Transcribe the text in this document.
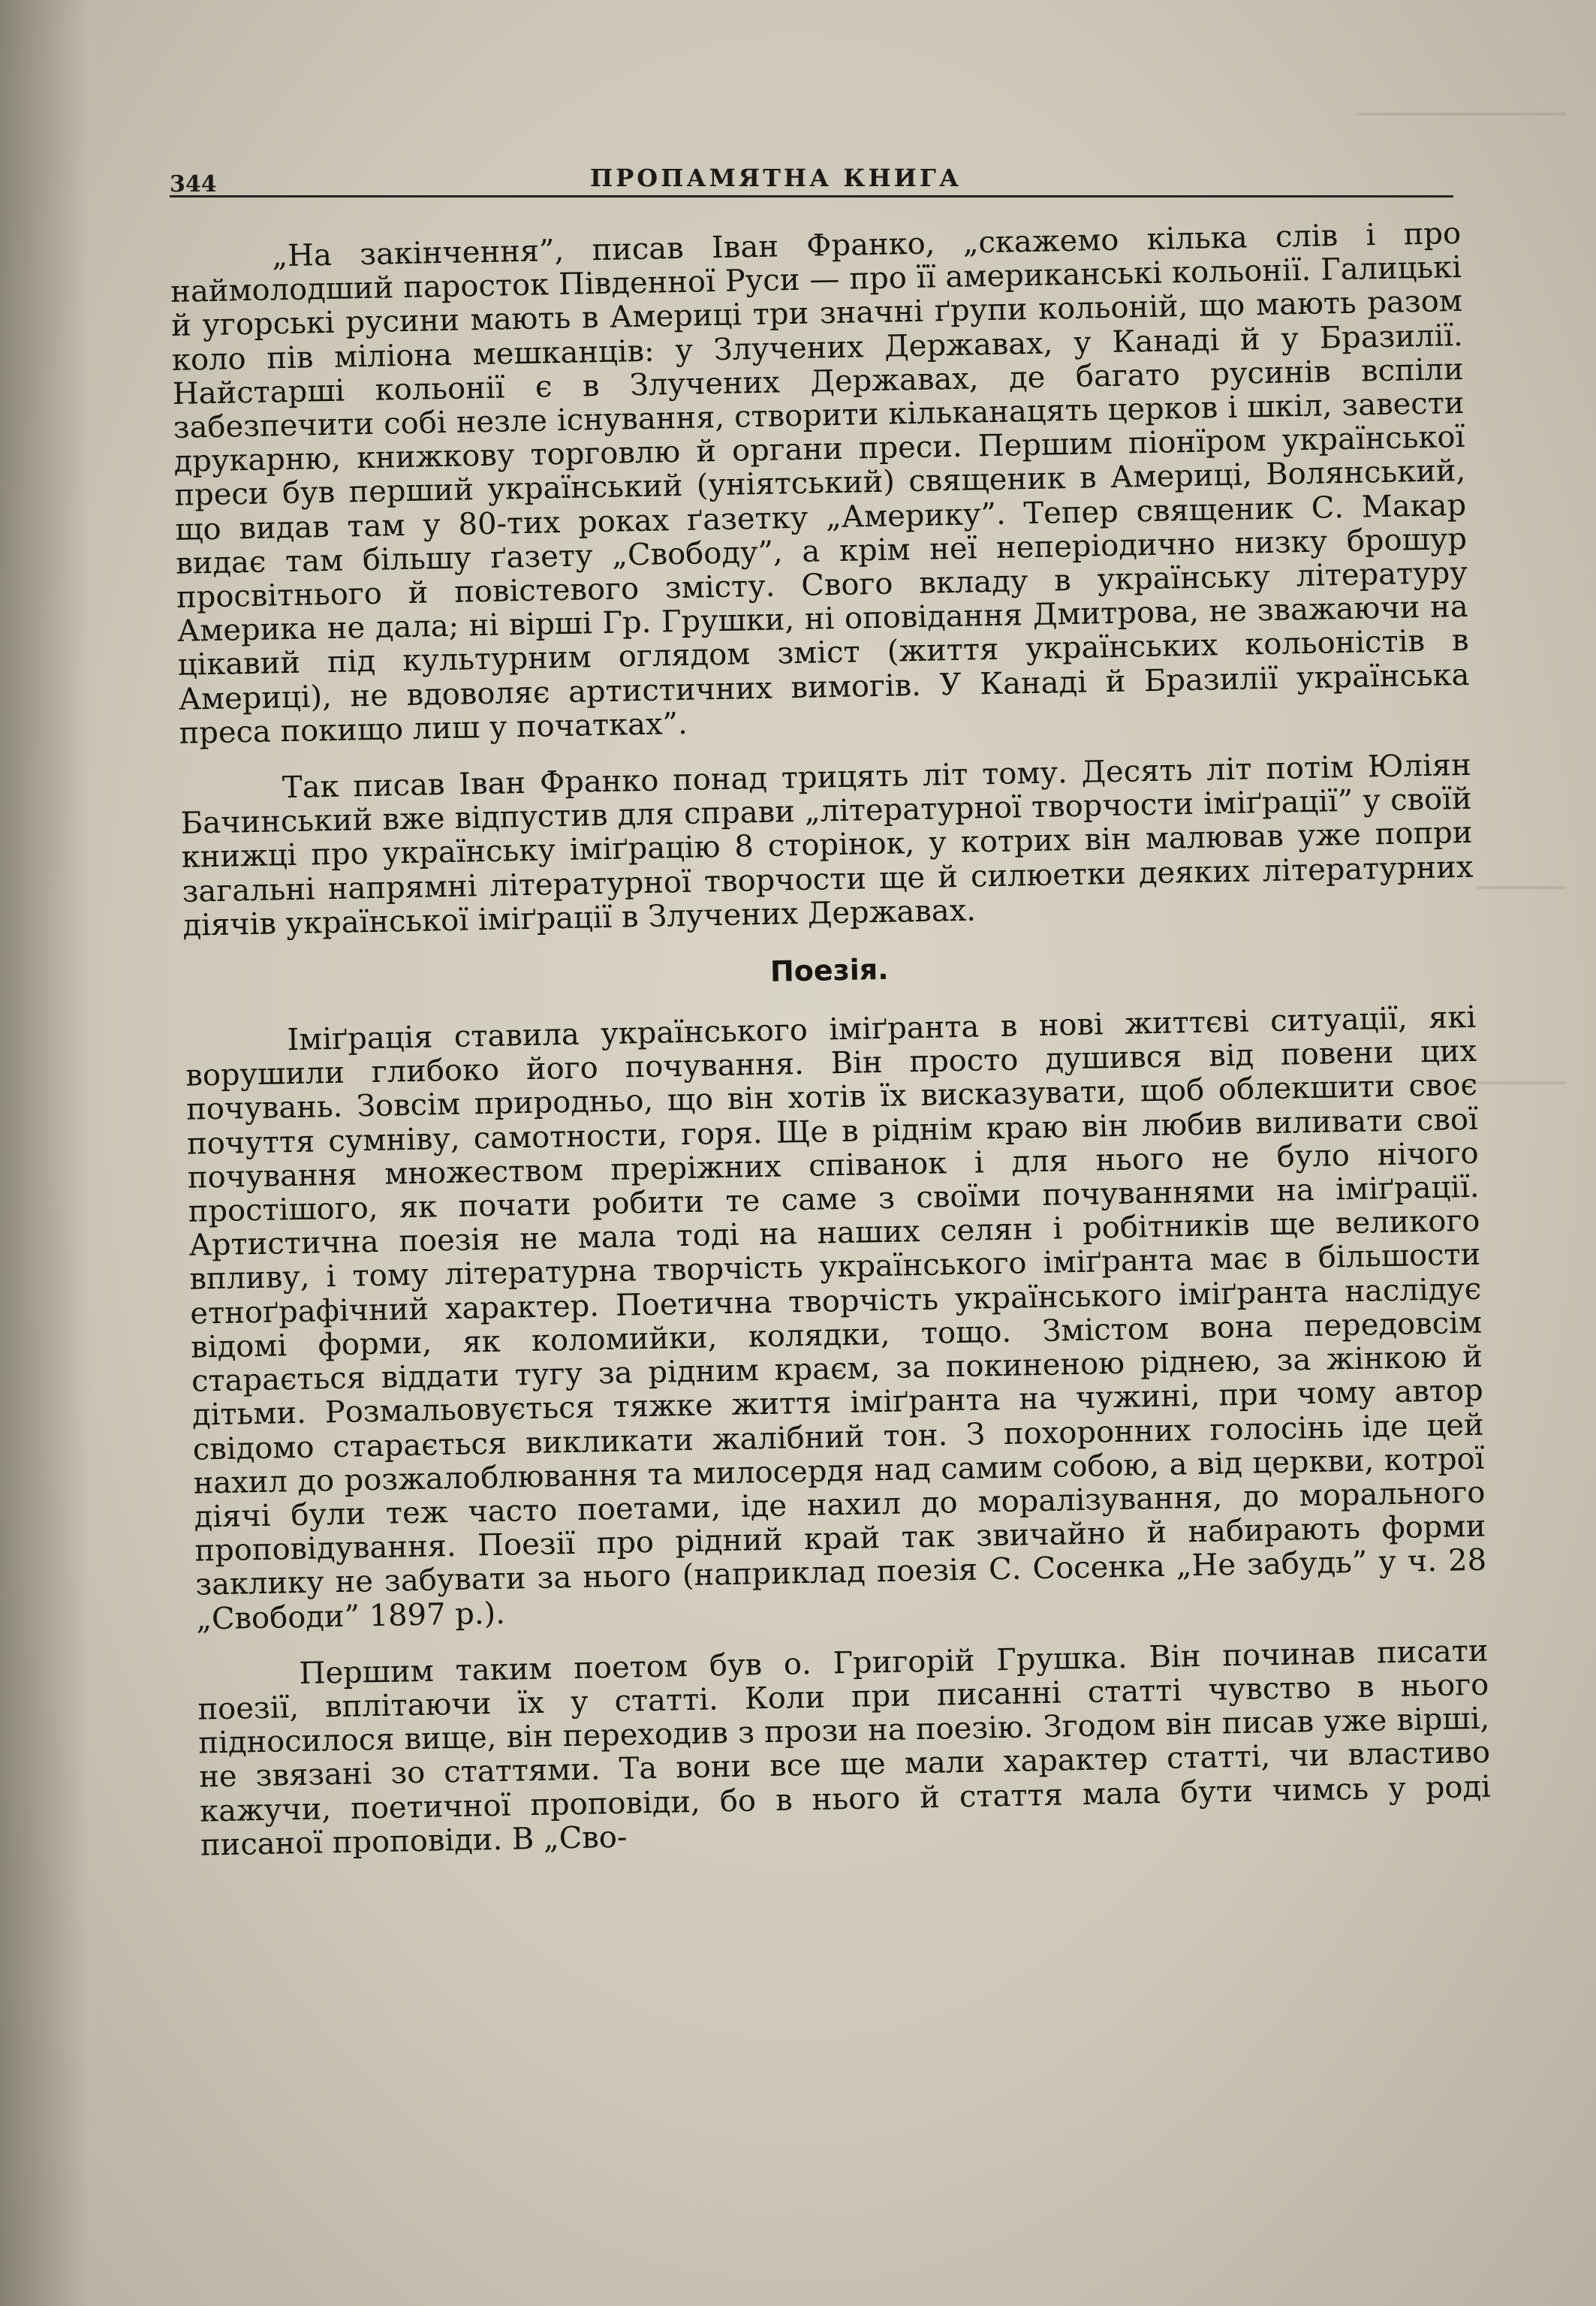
344	ПРОПАМЯТНА КНИГА

„На закінчення”, писав Іван Франко, „скажемо кілька слів і про наймолодший паросток Південної Руси — про її американські кольонії. Галицькі й угорські русини мають в Америці три значні ґрупи кольоній, що мають разом коло пів міліона мешканців: у Злучених Державах, у Канаді й у Бразилії. Найстарші кольонії є в Злучених Державах, де багато русинів вспіли забезпечити собі незле існування, створити кільканацять церков і шкіл, завести друкарню, книжкову торговлю й органи преси. Першим піонїром української преси був перший український (уніятський) священик в Америці, Волянський, що видав там у 80-тих роках ґазетку „Америку”. Тепер священик С. Макар видає там більшу ґазету „Свободу”, а крім неї неперіодично низку брошур просвітнього й повістевого змісту. Свого вкладу в українську літературу Америка не дала; ні вірші Гр. Грушки, ні оповідання Дмитрова, не зважаючи на цікавий під культурним оглядом зміст (життя українських кольоністів в Америці), не вдоволяє артистичних вимогів. У Канаді й Бразилії українська преса покищо лиш у початках”.

Так писав Іван Франко понад трицять літ тому. Десять літ потім Юліян Бачинський вже відпустив для справи „літературної творчости іміґрації” у своїй книжці про українську іміґрацію 8 сторінок, у котрих він малював уже попри загальні напрямні літературної творчости ще й силюетки деяких літературних діячів української іміґрації в Злучених Державах.

Поезія.

Іміґрація ставила українського іміґранта в нові життєві ситуації, які ворушили глибоко його почування. Він просто душився від повени цих почувань. Зовсім природньо, що він хотів їх висказувати, щоб облекшити своє почуття сумніву, самотности, горя. Ще в ріднім краю він любив виливати свої почування множеством преріжних співанок і для нього не було нічого простішого, як почати робити те саме з своїми почуваннями на іміґрації. Артистична поезія не мала тоді на наших селян і робітників ще великого впливу, і тому літературна творчість українського іміґранта має в більшости етноґрафічний характер. Поетична творчість українського іміґранта наслідує відомі форми, як коломийки, колядки, тощо. Змістом вона передовсім старається віддати тугу за рідним краєм, за покиненою ріднею, за жінкою й дітьми. Розмальовується тяжке життя іміґранта на чужині, при чому автор свідомо старається викликати жалібний тон. З похоронних голосінь іде цей нахил до розжалоблювання та милосердя над самим собою, а від церкви, котрої діячі були теж часто поетами, іде нахил до моралізування, до морального проповідування. Поезії про рідний край так звичайно й набирають форми заклику не забувати за нього (наприклад поезія С. Сосенка „Не забудь” у ч. 28 „Свободи” 1897 р.).

Першим таким поетом був о. Григорій Грушка. Він починав писати поезії, вплітаючи їх у статті. Коли при писанні статті чувство в нього підносилося вище, він переходив з прози на поезію. Згодом він писав уже вірші, не звязані зо статтями. Та вони все ще мали характер статті, чи властиво кажучи, поетичної проповіди, бо в нього й стаття мала бути чимсь у роді писаної проповіди. В „Сво-
